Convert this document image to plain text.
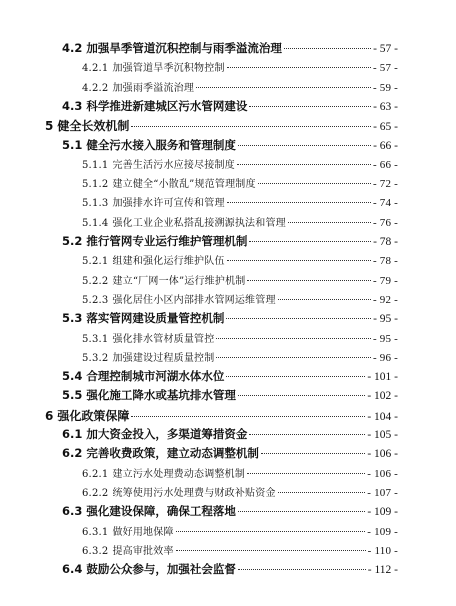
4.2 加强旱季管道沉积控制与雨季溢流治理	- 57 -
4.2.1 加强管道旱季沉积物控制	- 57 -
4.2.2 加强雨季溢流治理	- 59 -
4.3 科学推进新建城区污水管网建设	- 63 -
5 健全长效机制	- 65 -
5.1 健全污水接入服务和管理制度	- 66 -
5.1.1 完善生活污水应接尽接制度	- 66 -
5.1.2 建立健全“小散乱”规范管理制度	- 72 -
5.1.3 加强排水许可宣传和管理	- 74 -
5.1.4 强化工业企业私搭乱接溯源执法和管理	- 76 -
5.2 推行管网专业运行维护管理机制	- 78 -
5.2.1 组建和强化运行维护队伍	- 78 -
5.2.2 建立“厂网一体”运行维护机制	- 79 -
5.2.3 强化居住小区内部排水管网运维管理	- 92 -
5.3 落实管网建设质量管控机制	- 95 -
5.3.1 强化排水管材质量管控	- 95 -
5.3.2 加强建设过程质量控制	- 96 -
5.4 合理控制城市河湖水体水位	- 101 -
5.5 强化施工降水或基坑排水管理	- 102 -
6 强化政策保障	- 104 -
6.1 加大资金投入，多渠道筹措资金	- 105 -
6.2 完善收费政策，建立动态调整机制	- 106 -
6.2.1 建立污水处理费动态调整机制	- 106 -
6.2.2 统筹使用污水处理费与财政补贴资金	- 107 -
6.3 强化建设保障，确保工程落地	- 109 -
6.3.1 做好用地保障	- 109 -
6.3.2 提高审批效率	- 110 -
6.4 鼓励公众参与，加强社会监督	- 112 -
